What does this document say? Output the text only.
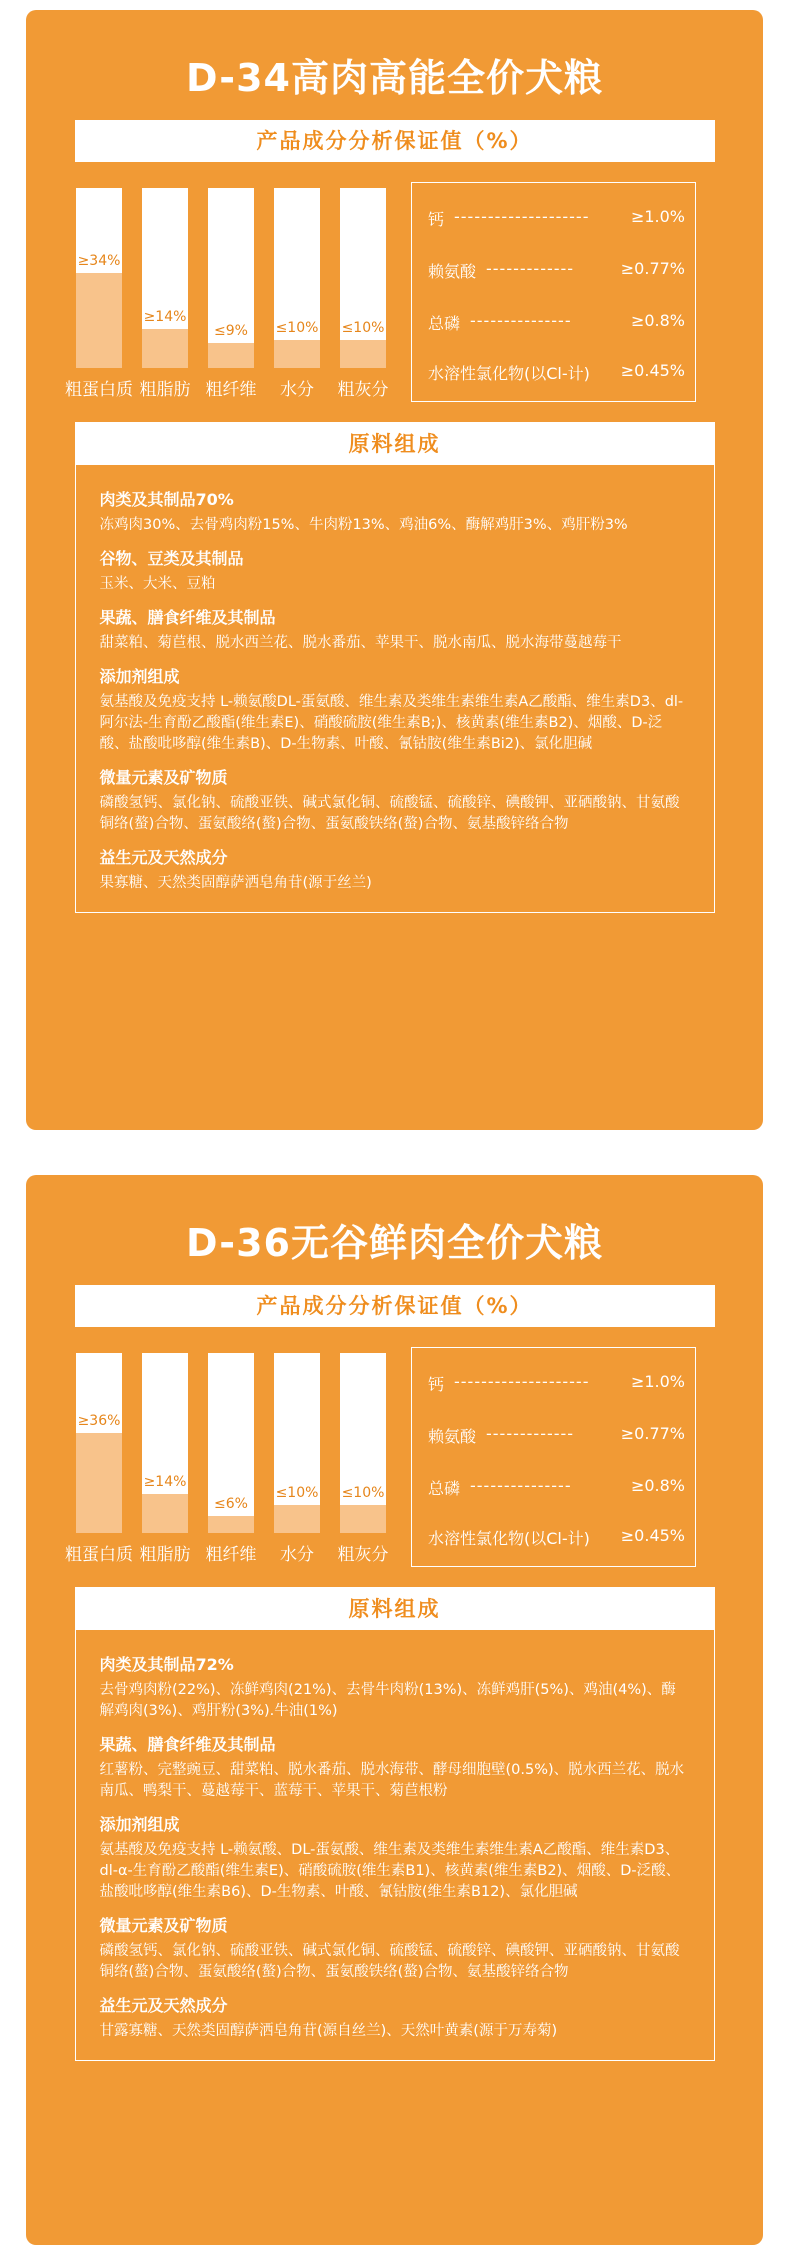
D-34高肉高能全价犬粮
产品成分分析保证值（%）
≥34%
粗蛋白质
≥14%
粗脂肪
≤9%
粗纤维
≤10%
水分
≤10%
粗灰分
钙 --------------------	≥1.0%
赖氨酸 -------------	≥0.77%
总磷 ---------------	≥0.8%
水溶性氯化物(以Cl-计) ≥0.45%
原料组成
肉类及其制品70%
冻鸡肉30%、去骨鸡肉粉15%、牛肉粉13%、鸡油6%、酶解鸡肝3%、鸡肝粉3%
谷物、豆类及其制品
玉米、大米、豆粕
果蔬、膳食纤维及其制品
甜菜粕、菊苣根、脱水西兰花、脱水番茄、苹果干、脱水南瓜、脱水海带蔓越莓干
添加剂组成
氨基酸及免疫支持 L-赖氨酸DL-蛋氨酸、维生素及类维生素维生素A乙酸酯、维生素D3、dl-阿尔法-生育酚乙酸酯(维生素E)、硝酸硫胺(维生素B;)、核黄素(维生素B2)、烟酸、D-泛酸、盐酸吡哆醇(维生素B)、D-生物素、叶酸、氰钴胺(维生素Bi2)、氯化胆碱
微量元素及矿物质
磷酸氢钙、氯化钠、硫酸亚铁、碱式氯化铜、硫酸锰、硫酸锌、碘酸钾、亚硒酸钠、甘氨酸铜络(螯)合物、蛋氨酸络(螯)合物、蛋氨酸铁络(螯)合物、氨基酸锌络合物
益生元及天然成分
果寡糖、天然类固醇萨洒皂角苷(源于丝兰)
D-36无谷鲜肉全价犬粮
产品成分分析保证值（%）
≥36%
粗蛋白质
≥14%
粗脂肪
≤6%
粗纤维
≤10%
水分
≤10%
粗灰分
钙 --------------------	≥1.0%
赖氨酸 -------------	≥0.77%
总磷 ---------------	≥0.8%
水溶性氯化物(以Cl-计) ≥0.45%
原料组成
肉类及其制品72%
去骨鸡肉粉(22%)、冻鲜鸡肉(21%)、去骨牛肉粉(13%)、冻鲜鸡肝(5%)、鸡油(4%)、酶解鸡肉(3%)、鸡肝粉(3%).牛油(1%)
果蔬、膳食纤维及其制品
红薯粉、完整豌豆、甜菜粕、脱水番茄、脱水海带、酵母细胞壁(0.5%)、脱水西兰花、脱水南瓜、鸭梨干、蔓越莓干、蓝莓干、苹果干、菊苣根粉
添加剂组成
氨基酸及免疫支持 L-赖氨酸、DL-蛋氨酸、维生素及类维生素维生素A乙酸酯、维生素D3、dl-α-生育酚乙酸酯(维生素E)、硝酸硫胺(维生素B1)、核黄素(维生素B2)、烟酸、D-泛酸、盐酸吡哆醇(维生素B6)、D-生物素、叶酸、氰钴胺(维生素B12)、氯化胆碱
微量元素及矿物质
磷酸氢钙、氯化钠、硫酸亚铁、碱式氯化铜、硫酸锰、硫酸锌、碘酸钾、亚硒酸钠、甘氨酸铜络(螯)合物、蛋氨酸络(螯)合物、蛋氨酸铁络(螯)合物、氨基酸锌络合物
益生元及天然成分
甘露寡糖、天然类固醇萨洒皂角苷(源自丝兰)、天然叶黄素(源于万寿菊)
